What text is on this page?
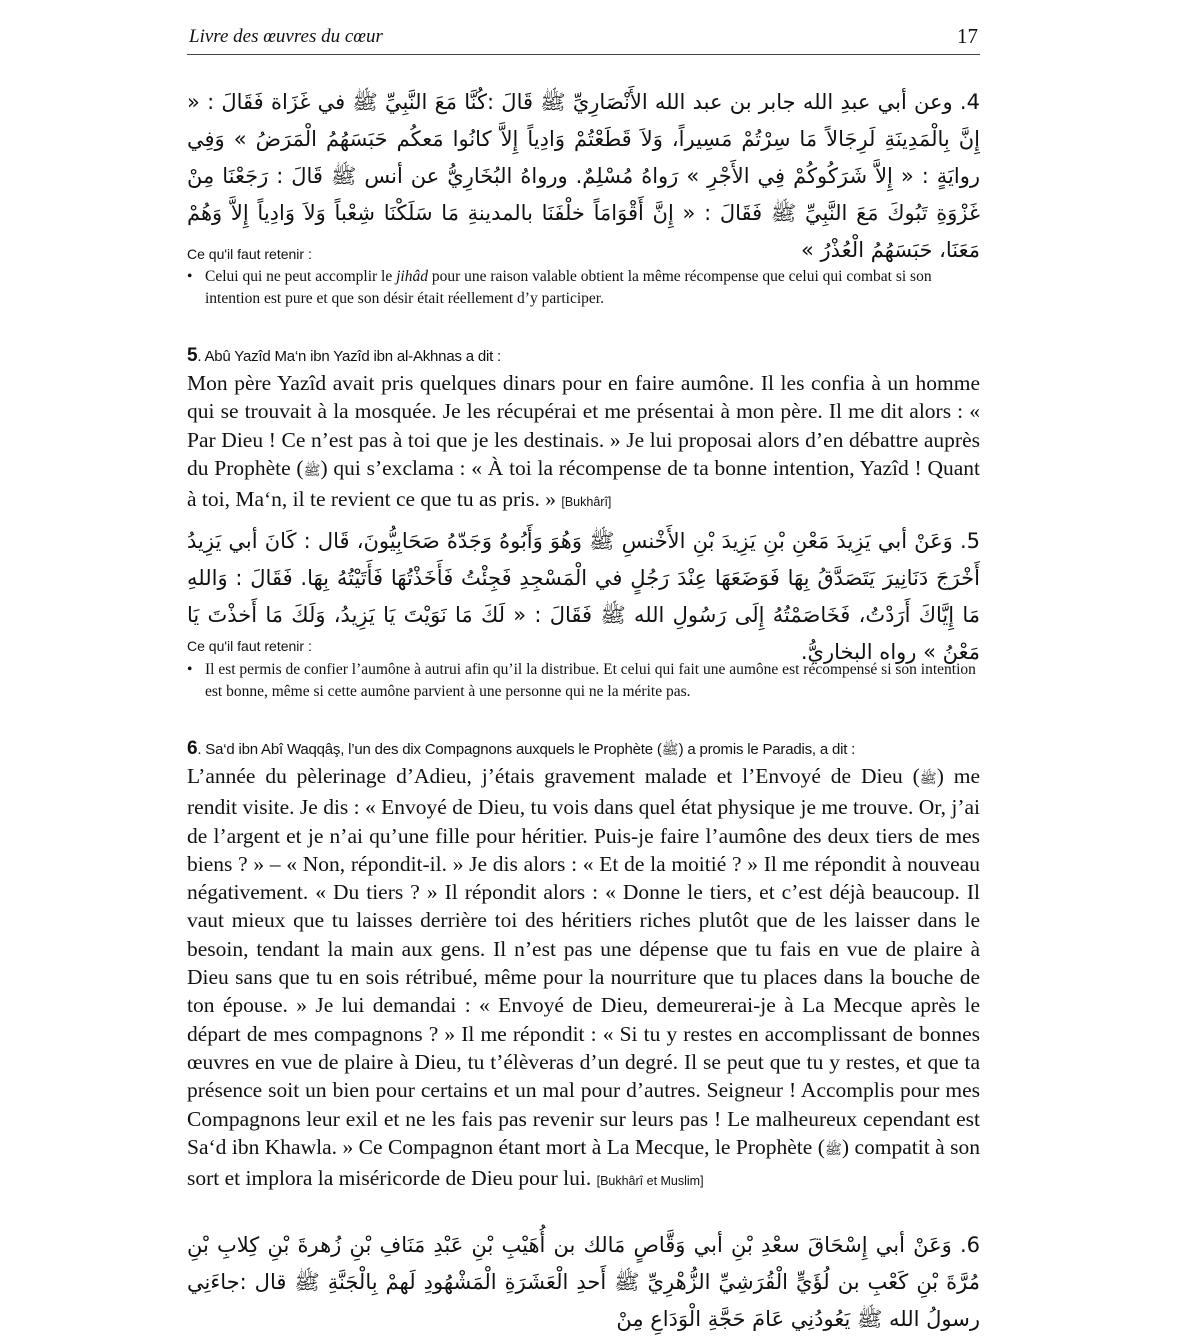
Livre des œuvres du cœur	17
4. وعن أبي عبدِ الله جابر بن عبد الله الأَنْصَارِيِّ ﷺ قَالَ :كُنَّا مَعَ النَّبِيِّ ﷺ في غَزَاة فَقَالَ : « إِنَّ بِالْمَدِينَةِ لَرِجَالاً مَا سِرْتُمْ مَسِيراً، وَلاَ قَطَعْتُمْ وَادِياً إِلاَّ كانُوا مَعكُم حَبَسَهُمُ الْمَرَضُ » وَفِي روايَةٍ : « إِلاَّ شَرَكُوكُمْ فِي الأَجْرِ » رَواهُ مُسْلِمٌ. ورواهُ البُخَارِيُّ عن أنس ﷺ قَالَ : رَجَعْنَا مِنْ غَزْوَةِ تَبُوكَ مَعَ النَّبِيِّ ﷺ فَقَالَ : « إِنَّ أَقْوَامَاً خلْفَنَا بالمدينةِ مَا سَلَكْنَا شِعْباً وَلاَ وَادِياً إِلاَّ وَهُمْ مَعَنَا، حَبَسَهُمُ الْعُذْرُ »
Ce qu'il faut retenir :
• Celui qui ne peut accomplir le jihâd pour une raison valable obtient la même récompense que celui qui combat si son intention est pure et que son désir était réellement d’y participer.
5. Abû Yazîd Ma‘n ibn Yazîd ibn al-Akhnas a dit :
Mon père Yazîd avait pris quelques dinars pour en faire aumône. Il les confia à un homme qui se trouvait à la mosquée. Je les récupérai et me présentai à mon père. Il me dit alors : « Par Dieu ! Ce n’est pas à toi que je les destinais. » Je lui proposai alors d’en débattre auprès du Prophète (ﷺ) qui s’exclama : « À toi la récompense de ta bonne intention, Yazîd ! Quant à toi, Ma‘n, il te revient ce que tu as pris. » [Bukhârî]
5. وَعَنْ أبي يَزِيدَ مَعْنِ بْنِ يَزِيدَ بْنِ الأَخْنسِ ﷺ وَهُوَ وَأَبُوهُ وَجَدّهُ صَحَابِيُّونَ، قَال : كَانَ أبي يَزِيدُ أَخْرَجَ دَنَانِيرَ يَتَصَدَّقُ بِهَا فَوَضَعَهَا عِنْدَ رَجُلٍ في الْمَسْجِدِ فَجِئْتُ فَأَخَذْتُهَا فَأَتَيْتُهُ بِهَا. فَقَالَ : وَاللهِ مَا إِيَّاكَ أَرَدْتُ، فَخَاصَمْتُهُ إِلَى رَسُولِ الله ﷺ فَقَالَ : « لَكَ مَا نَوَيْتَ يَا يَزِيدُ، وَلَكَ مَا أَخذْتَ يَا مَعْنُ » رواه البخاريُّ.
Ce qu'il faut retenir :
• Il est permis de confier l’aumône à autrui afin qu’il la distribue. Et celui qui fait une aumône est récompensé si son intention est bonne, même si cette aumône parvient à une personne qui ne la mérite pas.
6. Sa‘d ibn Abî Waqqâş, l’un des dix Compagnons auxquels le Prophète (ﷺ) a promis le Paradis, a dit :
L’année du pèlerinage d’Adieu, j’étais gravement malade et l’Envoyé de Dieu (ﷺ) me rendit visite. Je dis : « Envoyé de Dieu, tu vois dans quel état physique je me trouve. Or, j’ai de l’argent et je n’ai qu’une fille pour héritier. Puis-je faire l’aumône des deux tiers de mes biens ? » – « Non, répondit-il. » Je dis alors : « Et de la moitié ? » Il me répondit à nouveau négativement. « Du tiers ? » Il répondit alors : « Donne le tiers, et c’est déjà beaucoup. Il vaut mieux que tu laisses derrière toi des héritiers riches plutôt que de les laisser dans le besoin, tendant la main aux gens. Il n’est pas une dépense que tu fais en vue de plaire à Dieu sans que tu en sois rétribué, même pour la nourriture que tu places dans la bouche de ton épouse. » Je lui demandai : « Envoyé de Dieu, demeurerai-je à La Mecque après le départ de mes compagnons ? » Il me répondit : « Si tu y restes en accomplissant de bonnes œuvres en vue de plaire à Dieu, tu t’élèveras d’un degré. Il se peut que tu y restes, et que ta présence soit un bien pour certains et un mal pour d’autres. Seigneur ! Accomplis pour mes Compagnons leur exil et ne les fais pas revenir sur leurs pas ! Le malheureux cependant est Sa‘d ibn Khawla. » Ce Compagnon étant mort à La Mecque, le Prophète (ﷺ) compatit à son sort et implora la miséricorde de Dieu pour lui. [Bukhârî et Muslim]
6. وَعَنْ أبي إِسْحَاقَ سعْدِ بْنِ أبي وَقَّاصٍ مَالك بن أُهَيْبِ بْنِ عَبْدِ مَنَافِ بْنِ زُهرةَ بْنِ كِلابِ بْنِ مُرَّةَ بْنِ كَعْبِ بن لُؤَيٍّ الْقُرَشِيِّ الزُّهْرِيِّ ﷺ أَحدِ الْعَشَرَةِ الْمَشْهُودِ لَهمْ بِالْجَنَّةِ ﷺ قال :جاءَنِي رسولُ الله ﷺ يَعُودُنِي عَامَ حَجَّةِ الْوَدَاعِ مِنْ
